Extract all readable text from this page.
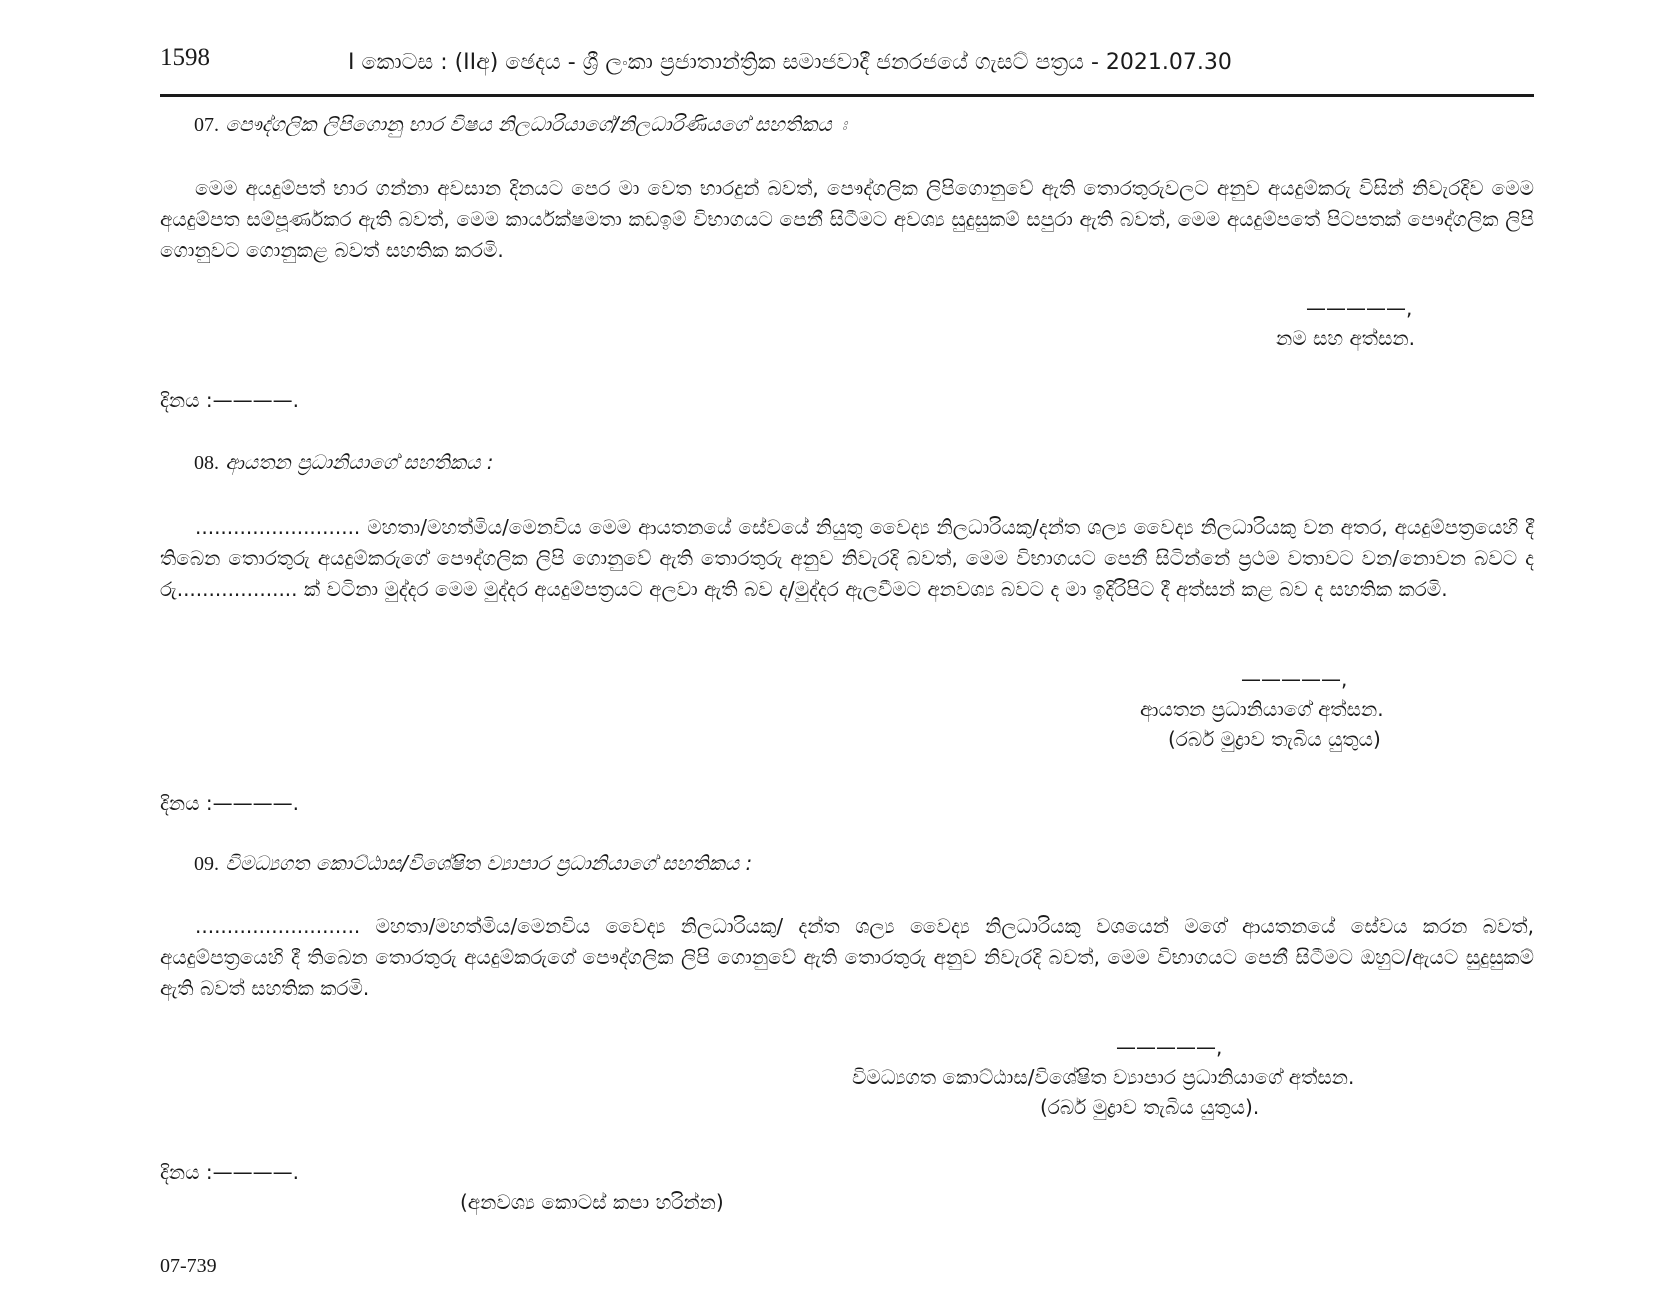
1598	I කොටස : (IIඅ) ඡෙදය - ශ්‍රී ලංකා ප්‍රජාතාන්ත්‍රික සමාජවාදී ජනරජයේ ගැසට් පත්‍රය - 2021.07.30
07. පෞද්ගලික ලිපිගොනු භාර විෂය නිලධාරියාගේ/නිලධාරිණියගේ සහතිකය ඃ
මෙම අයදුම්පත් භාර ගන්නා අවසාන දිනයට පෙර මා වෙත භාරදුන් බවත්, පෞද්ගලික ලිපිගොනුවේ ඇති තොරතුරුවලට අනුව අයදුම්කරු විසින් නිවැරදිව මෙම අයදුම්පත සම්පූර්ණකර ඇති බවත්, මෙම කාර්යක්ෂමතා කඩඉම් විභාගයට පෙනී සිටීමට අවශ්‍ය සුදුසුකම් සපුරා ඇති බවත්, මෙම අයදුම්පතේ පිටපතක් පෞද්ගලික ලිපි ගොනුවට ගොනුකළ බවත් සහතික කරමි.
—————,
නම සහ අත්සන.
දිනය :————.
08. ආයතන ප්‍රධානියාගේ සහතිකය :
.......................... මහතා/මහත්මිය/මෙනවිය මෙම ආයතනයේ සේවයේ නියුතු වෛද්‍ය නිලධාරියකු/දන්ත ශල්‍ය වෛද්‍ය නිලධාරියකු වන අතර, අයදුම්පත්‍රයෙහි දී තිබෙන තොරතුරු අයදුම්කරුගේ පෞද්ගලික ලිපි ගොනුවේ ඇති තොරතුරු අනුව නිවැරදි බවත්, මෙම විභාගයට පෙනී සිටින්නේ ප්‍රථම වතාවට වන/නොවන බවට ද රු................... ක් වටිනා මුද්දර මෙම මුද්දර අයදුම්පත්‍රයට අලවා ඇති බව ද/මුද්දර ඇලවීමට අනවශ්‍ය බවට ද මා ඉදිරිපිට දී අත්සන් කළ බව ද සහතික කරමි.
—————,
ආයතන ප්‍රධානියාගේ අත්සන.
(රබර් මුද්‍රාව තැබිය යුතුය)
දිනය :————.
09. විමධ්‍යගත කොට්ඨාස/විශේෂිත ව්‍යාපාර ප්‍රධානියාගේ සහතිකය :
.......................... මහතා/මහත්මිය/මෙනවිය වෛද්‍ය නිලධාරියකු/ දන්ත ශල්‍ය වෛද්‍ය නිලධාරියකු වශයෙන් මගේ ආයතනයේ සේවය කරන බවත්, අයදුම්පත්‍රයෙහි දී තිබෙන තොරතුරු අයදුම්කරුගේ පෞද්ගලික ලිපි ගොනුවේ ඇති තොරතුරු අනුව නිවැරදි බවත්, මෙම විභාගයට පෙනී සිටීමට ඔහුට/ඇයට සුදුසුකම් ඇති බවත් සහතික කරමි.
—————,
විමධ්‍යගත කොට්ඨාස/විශේෂිත ව්‍යාපාර ප්‍රධානියාගේ අත්සන.
(රබර් මුද්‍රාව තැබිය යුතුය).
දිනය :————.
(අනවශ්‍ය කොටස් කපා හරින්න)
07-739
